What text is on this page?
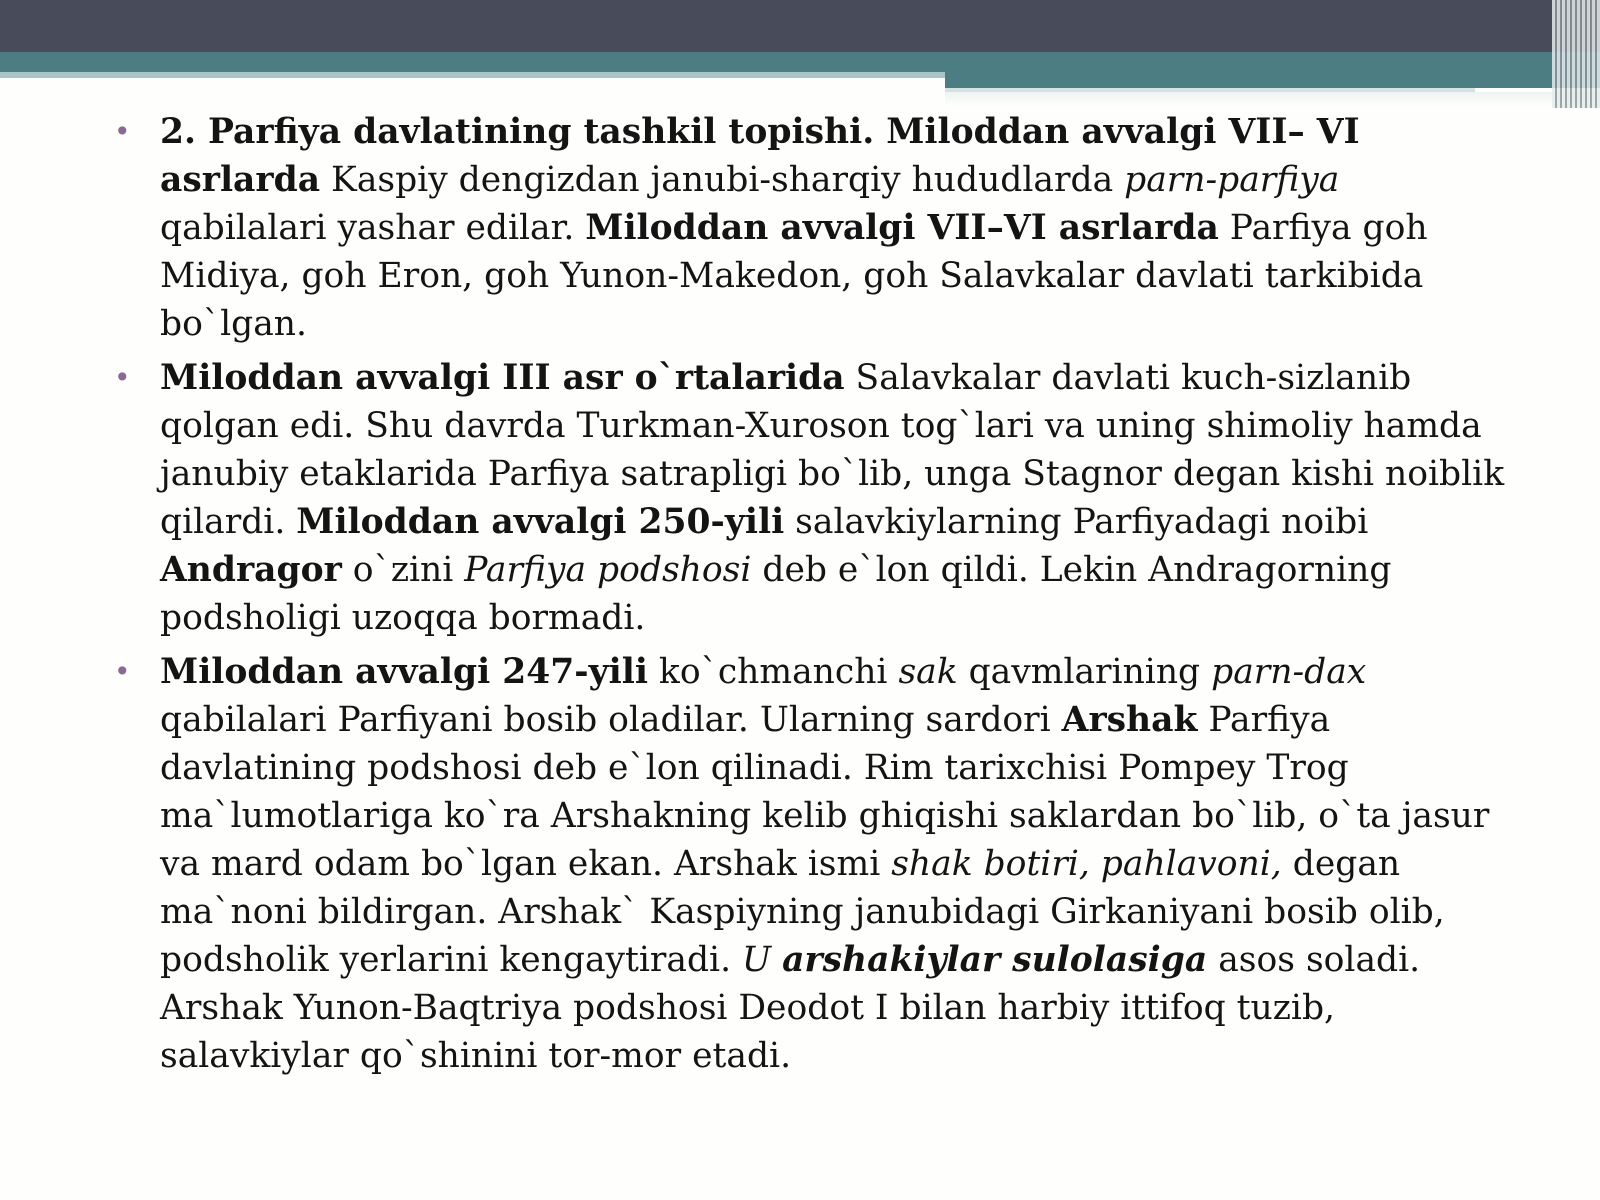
• 2. Parfiya davlatining tashkil topishi. Miloddan avvalgi VII– VI asrlarda Kaspiy dengizdan janubi-sharqiy hududlarda parn-parfiya qabilalari yashar edilar. Miloddan avvalgi VII–VI asrlarda Parfiya goh Midiya, goh Eron, goh Yunon-Makedon, goh Salavkalar davlati tarkibida bo`lgan.
• Miloddan avvalgi III asr o`rtalarida Salavkalar davlati kuch-sizlanib qolgan edi. Shu davrda Turkman-Xuroson tog`lari va uning shimoliy hamda janubiy etaklarida Parfiya satrapligi bo`lib, unga Stagnor degan kishi noiblik qilardi. Miloddan avvalgi 250-yili salavkiylarning Parfiyadagi noibi Andragor o`zini Parfiya podshosi deb e`lon qildi. Lekin Andragorning podsholigi uzoqqa bormadi.
• Miloddan avvalgi 247-yili ko`chmanchi sak qavmlarining parn-dax qabilalari Parfiyani bosib oladilar. Ularning sardori Arshak Parfiya davlatining podshosi deb e`lon qilinadi. Rim tarixchisi Pompey Trog ma`lumotlariga ko`ra Arshakning kelib ghiqishi saklardan bo`lib, o`ta jasur va mard odam bo`lgan ekan. Arshak ismi shak botiri, pahlavoni, degan ma`noni bildirgan. Arshak` Kaspiyning janubidagi Girkaniyani bosib olib, podsholik yerlarini kengaytiradi. U arshakiylar sulolasiga asos soladi. Arshak Yunon-Baqtriya podshosi Deodot I bilan harbiy ittifoq tuzib, salavkiylar qo`shinini tor-mor etadi.
